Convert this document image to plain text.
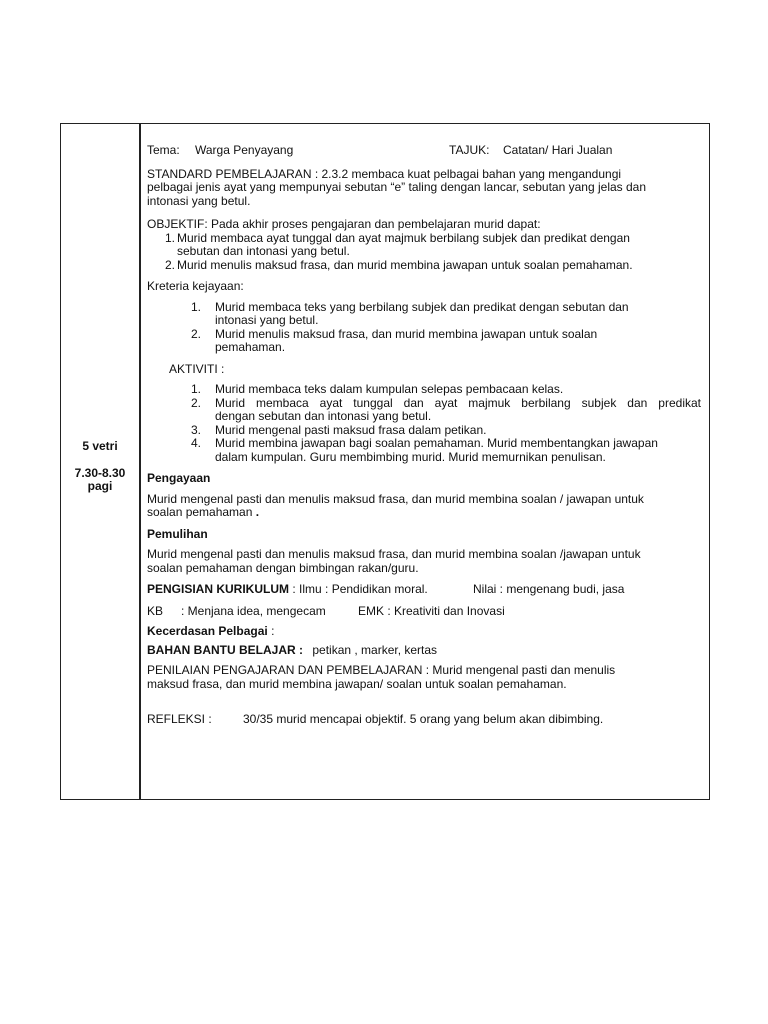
5 vetri
7.30-8.30
pagi
Tema: Warga Penyayang	TAJUK: Catatan/ Hari Jualan
STANDARD PEMBELAJARAN : 2.3.2 membaca kuat pelbagai bahan yang mengandungi
pelbagai jenis ayat yang mempunyai sebutan “e” taling dengan lancar, sebutan yang jelas dan
intonasi yang betul.
OBJEKTIF: Pada akhir proses pengajaran dan pembelajaran murid dapat:
1. Murid membaca ayat tunggal dan ayat majmuk berbilang subjek dan predikat dengan
sebutan dan intonasi yang betul.
2. Murid menulis maksud frasa, dan murid membina jawapan untuk soalan pemahaman.
Kreteria kejayaan:
1. Murid membaca teks yang berbilang subjek dan predikat dengan sebutan dan
intonasi yang betul.
2. Murid menulis maksud frasa, dan murid membina jawapan untuk soalan
pemahaman.
AKTIVITI :
1. Murid membaca teks dalam kumpulan selepas pembacaan kelas.
2. Murid membaca ayat tunggal dan ayat majmuk berbilang subjek dan predikat
dengan sebutan dan intonasi yang betul.
3. Murid mengenal pasti maksud frasa dalam petikan.
4. Murid membina jawapan bagi soalan pemahaman. Murid membentangkan jawapan
dalam kumpulan. Guru membimbing murid. Murid memurnikan penulisan.
Pengayaan
Murid mengenal pasti dan menulis maksud frasa, dan murid membina soalan / jawapan untuk
soalan pemahaman .
Pemulihan
Murid mengenal pasti dan menulis maksud frasa, dan murid membina soalan /jawapan untuk
soalan pemahaman dengan bimbingan rakan/guru.
PENGISIAN KURIKULUM : Ilmu : Pendidikan moral.	Nilai : mengenang budi, jasa
KB : Menjana idea, mengecam	EMK : Kreativiti dan Inovasi
Kecerdasan Pelbagai :
BAHAN BANTU BELAJAR : petikan , marker, kertas
PENILAIAN PENGAJARAN DAN PEMBELAJARAN : Murid mengenal pasti dan menulis
maksud frasa, dan murid membina jawapan/ soalan untuk soalan pemahaman.
REFLEKSI :	30/35 murid mencapai objektif. 5 orang yang belum akan dibimbing.
